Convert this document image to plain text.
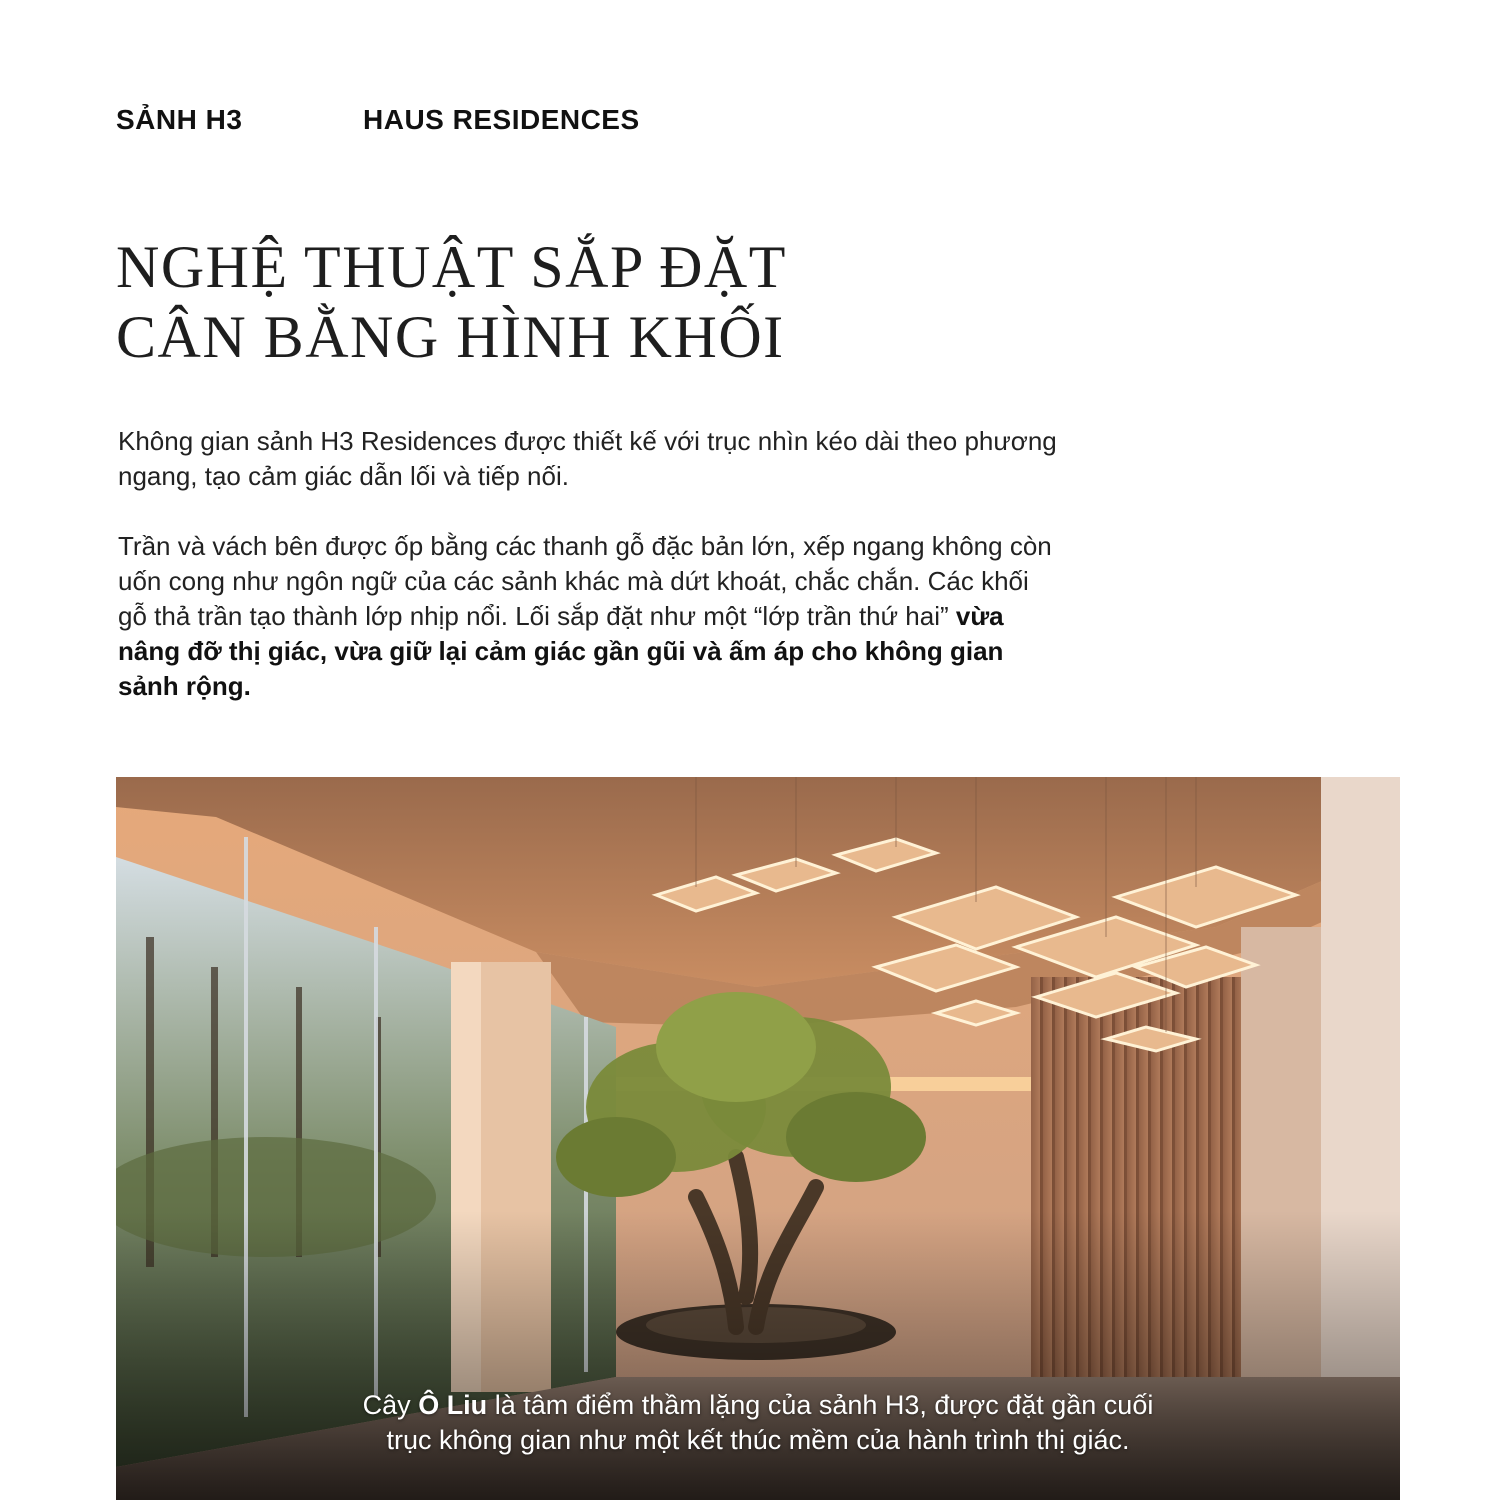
SẢNH H3	HAUS RESIDENCES
NGHỆ THUẬT SẮP ĐẶT
CÂN BẰNG HÌNH KHỐI

Không gian sảnh H3 Residences được thiết kế với trục nhìn kéo dài theo phương ngang, tạo cảm giác dẫn lối và tiếp nối.

Trần và vách bên được ốp bằng các thanh gỗ đặc bản lớn, xếp ngang không còn uốn cong như ngôn ngữ của các sảnh khác mà dứt khoát, chắc chắn. Các khối gỗ thả trần tạo thành lớp nhịp nổi. Lối sắp đặt như một “lớp trần thứ hai” vừa nâng đỡ thị giác, vừa giữ lại cảm giác gần gũi và ấm áp cho không gian sảnh rộng.

Cây Ô Liu là tâm điểm thầm lặng của sảnh H3, được đặt gần cuối
trục không gian như một kết thúc mềm của hành trình thị giác.
